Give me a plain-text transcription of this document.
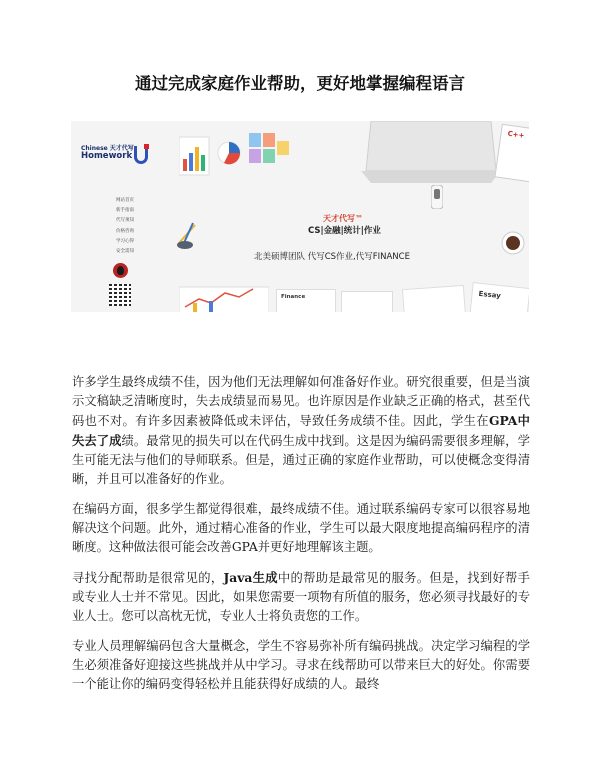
通过完成家庭作业帮助，更好地掌握编程语言
Chinese 天才代写
Homework
网站首页
新手指南
代写须知
价格咨询
学习心得
安全需知
C++
天才代写™
CS|金融|统计|作业
北美硕博团队 代写CS作业,代写FINANCE
Finance	Essay
许多学生最终成绩不佳，因为他们无法理解如何准备好作业。研究很重要，但是当演示文稿缺乏清晰度时，失去成绩显而易见。也许原因是作业缺乏正确的格式，甚至代码也不对。有许多因素被降低或未评估，导致任务成绩不佳。因此，学生在GPA中失去了成绩。最常见的损失可以在代码生成中找到。这是因为编码需要很多理解，学生可能无法与他们的导师联系。但是，通过正确的家庭作业帮助，可以使概念变得清晰，并且可以准备好的作业。
在编码方面，很多学生都觉得很难，最终成绩不佳。通过联系编码专家可以很容易地解决这个问题。此外，通过精心准备的作业，学生可以最大限度地提高编码程序的清晰度。这种做法很可能会改善GPA并更好地理解该主题。
寻找分配帮助是很常见的，Java生成中的帮助是最常见的服务。但是，找到好帮手或专业人士并不常见。因此，如果您需要一项物有所值的服务，您必须寻找最好的专业人士。您可以高枕无忧，专业人士将负责您的工作。
专业人员理解编码包含大量概念，学生不容易弥补所有编码挑战。决定学习编程的学生必须准备好迎接这些挑战并从中学习。寻求在线帮助可以带来巨大的好处。你需要一个能让你的编码变得轻松并且能获得好成绩的人。最终
